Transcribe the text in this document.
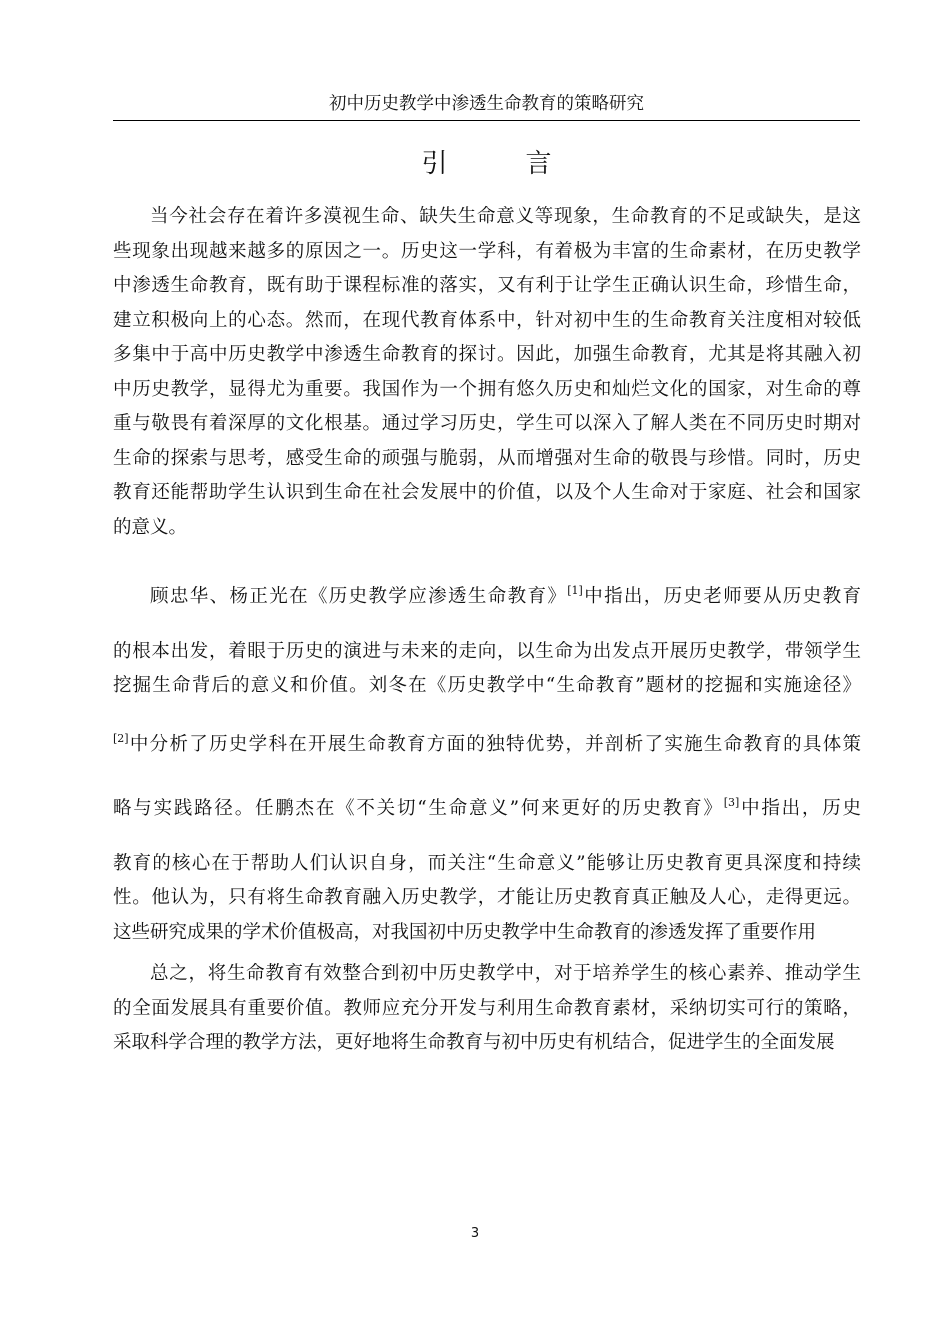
初中历史教学中渗透生命教育的策略研究
引　言
当今社会存在着许多漠视生命、缺失生命意义等现象，生命教育的不足或缺失，是这
些现象出现越来越多的原因之一。历史这一学科，有着极为丰富的生命素材，在历史教学
中渗透生命教育，既有助于课程标准的落实，又有利于让学生正确认识生命，珍惜生命，
建立积极向上的心态。然而，在现代教育体系中，针对初中生的生命教育关注度相对较低
多集中于高中历史教学中渗透生命教育的探讨。因此，加强生命教育，尤其是将其融入初
中历史教学，显得尤为重要。我国作为一个拥有悠久历史和灿烂文化的国家，对生命的尊
重与敬畏有着深厚的文化根基。通过学习历史，学生可以深入了解人类在不同历史时期对
生命的探索与思考，感受生命的顽强与脆弱，从而增强对生命的敬畏与珍惜。同时，历史
教育还能帮助学生认识到生命在社会发展中的价值，以及个人生命对于家庭、社会和国家
的意义。
顾忠华、杨正光在《历史教学应渗透生命教育》[1]中指出，历史老师要从历史教育
的根本出发，着眼于历史的演进与未来的走向，以生命为出发点开展历史教学，带领学生
挖掘生命背后的意义和价值。刘冬在《历史教学中“生命教育”题材的挖掘和实施途径》
[2]中分析了历史学科在开展生命教育方面的独特优势，并剖析了实施生命教育的具体策
略与实践路径。任鹏杰在《不关切“生命意义”何来更好的历史教育》[3]中指出，历史
教育的核心在于帮助人们认识自身，而关注“生命意义”能够让历史教育更具深度和持续
性。他认为，只有将生命教育融入历史教学，才能让历史教育真正触及人心，走得更远。
这些研究成果的学术价值极高，对我国初中历史教学中生命教育的渗透发挥了重要作用
总之，将生命教育有效整合到初中历史教学中，对于培养学生的核心素养、推动学生
的全面发展具有重要价值。教师应充分开发与利用生命教育素材，采纳切实可行的策略，
采取科学合理的教学方法，更好地将生命教育与初中历史有机结合，促进学生的全面发展
3
